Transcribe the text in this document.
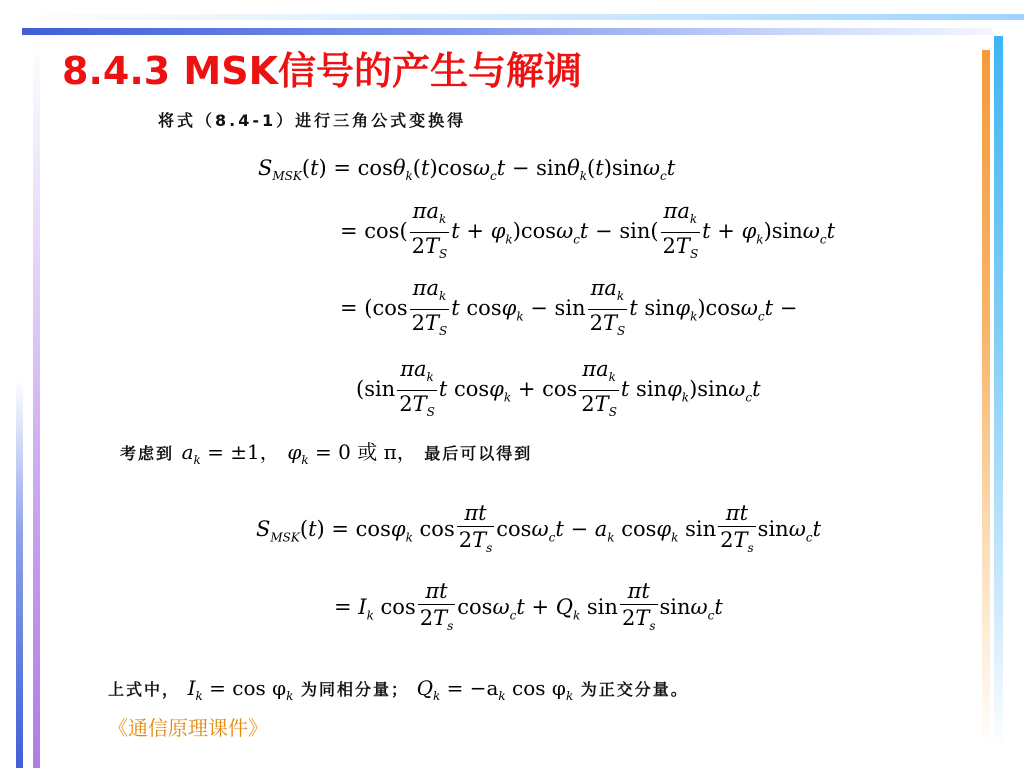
8.4.3 MSK信号的产生与解调
将式（8.4-1）进行三角公式变换得
$S_{MSK}(t) = \cos\theta_k(t)\cos\omega_ct - \sin\theta_k(t)\sin\omega_ct$
= $\cos( \frac{\pi a_k}{2T_S}$ $t + \varphi_k)\cos\omega_ct - \sin( \frac{\pi a_k}{2T_S}$ $t + \varphi_k)\sin\omega_ct$
= ($\cos \frac{\pi a_k}{2T_S}$ t $\cos\varphi_k - \sin \frac{\pi a_k}{2T_S}$ t sinφ$_k$)cosω$_c$t −
($\sin \frac{\pi a_k}{2T_S}$ t $\cos\varphi_k + \cos \frac{\pi a_k}{2T_S}$ t sinφ$_k$)sinω$_c$t
考虑到 $a_k = \pm 1$， $\varphi_k = 0$ 或 π， 最后可以得到
$S_{MSK}(t) = \cos\varphi_k$ $\cos \frac{\pi t}{2T_s} \cos\omega_ct - a_k$ cosφ$_k$ $\sin \frac{\pi t}{2T_s} \sin\omega_ct$
= $I_k$ $\cos \frac{\pi t}{2T_s} \cos\omega_ct + Q_k$ $\sin \frac{\pi t}{2T_s} \sin\omega_ct$
上式中， $I_k = \cos \varphi_k$ 为同相分量； $Q_k = -a_k$ $\cos \varphi_k$ 为正交分量。
《通信原理课件》
